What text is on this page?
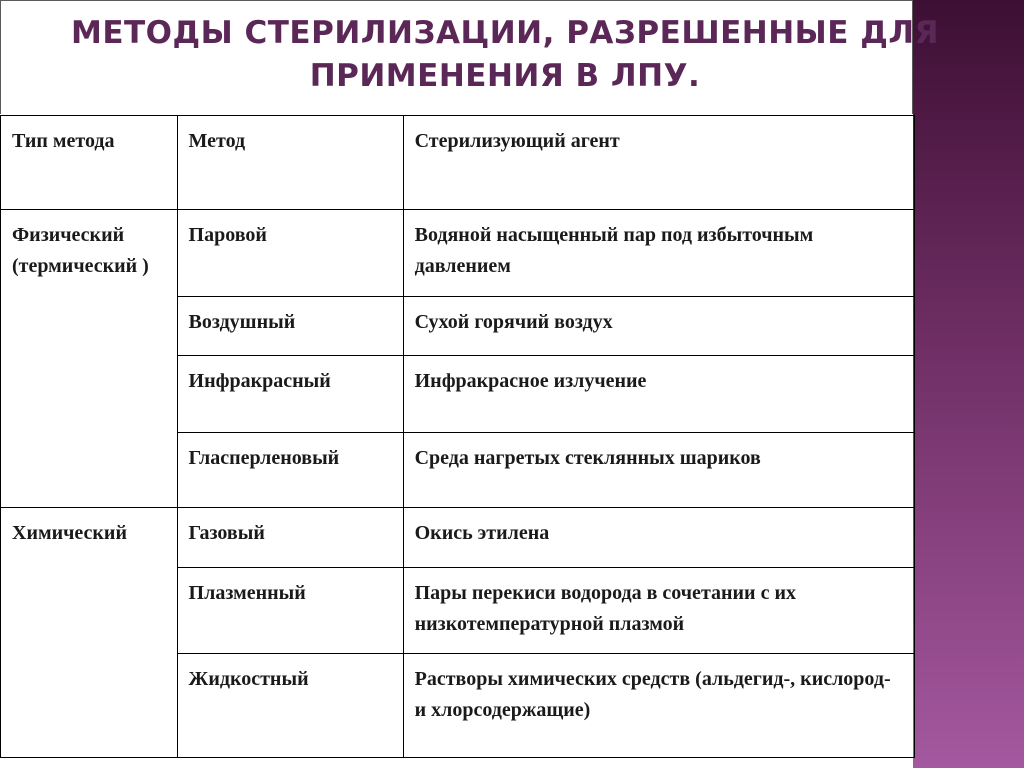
МЕТОДЫ СТЕРИЛИЗАЦИИ, РАЗРЕШЕННЫЕ ДЛЯ ПРИМЕНЕНИЯ В ЛПУ.
Тип метода	Метод	Стерилизующий агент
Физический (термический )	Паровой	Водяной насыщенный пар под избыточным давлением
	Воздушный	Сухой горячий воздух
	Инфракрасный	Инфракрасное излучение
	Гласперленовый	Среда нагретых стеклянных шариков
Химический	Газовый	Окись этилена
	Плазменный	Пары перекиси водорода в сочетании с их низкотемпературной плазмой
	Жидкостный	Растворы химических средств (альдегид-, кислород- и хлорсодержащие)
